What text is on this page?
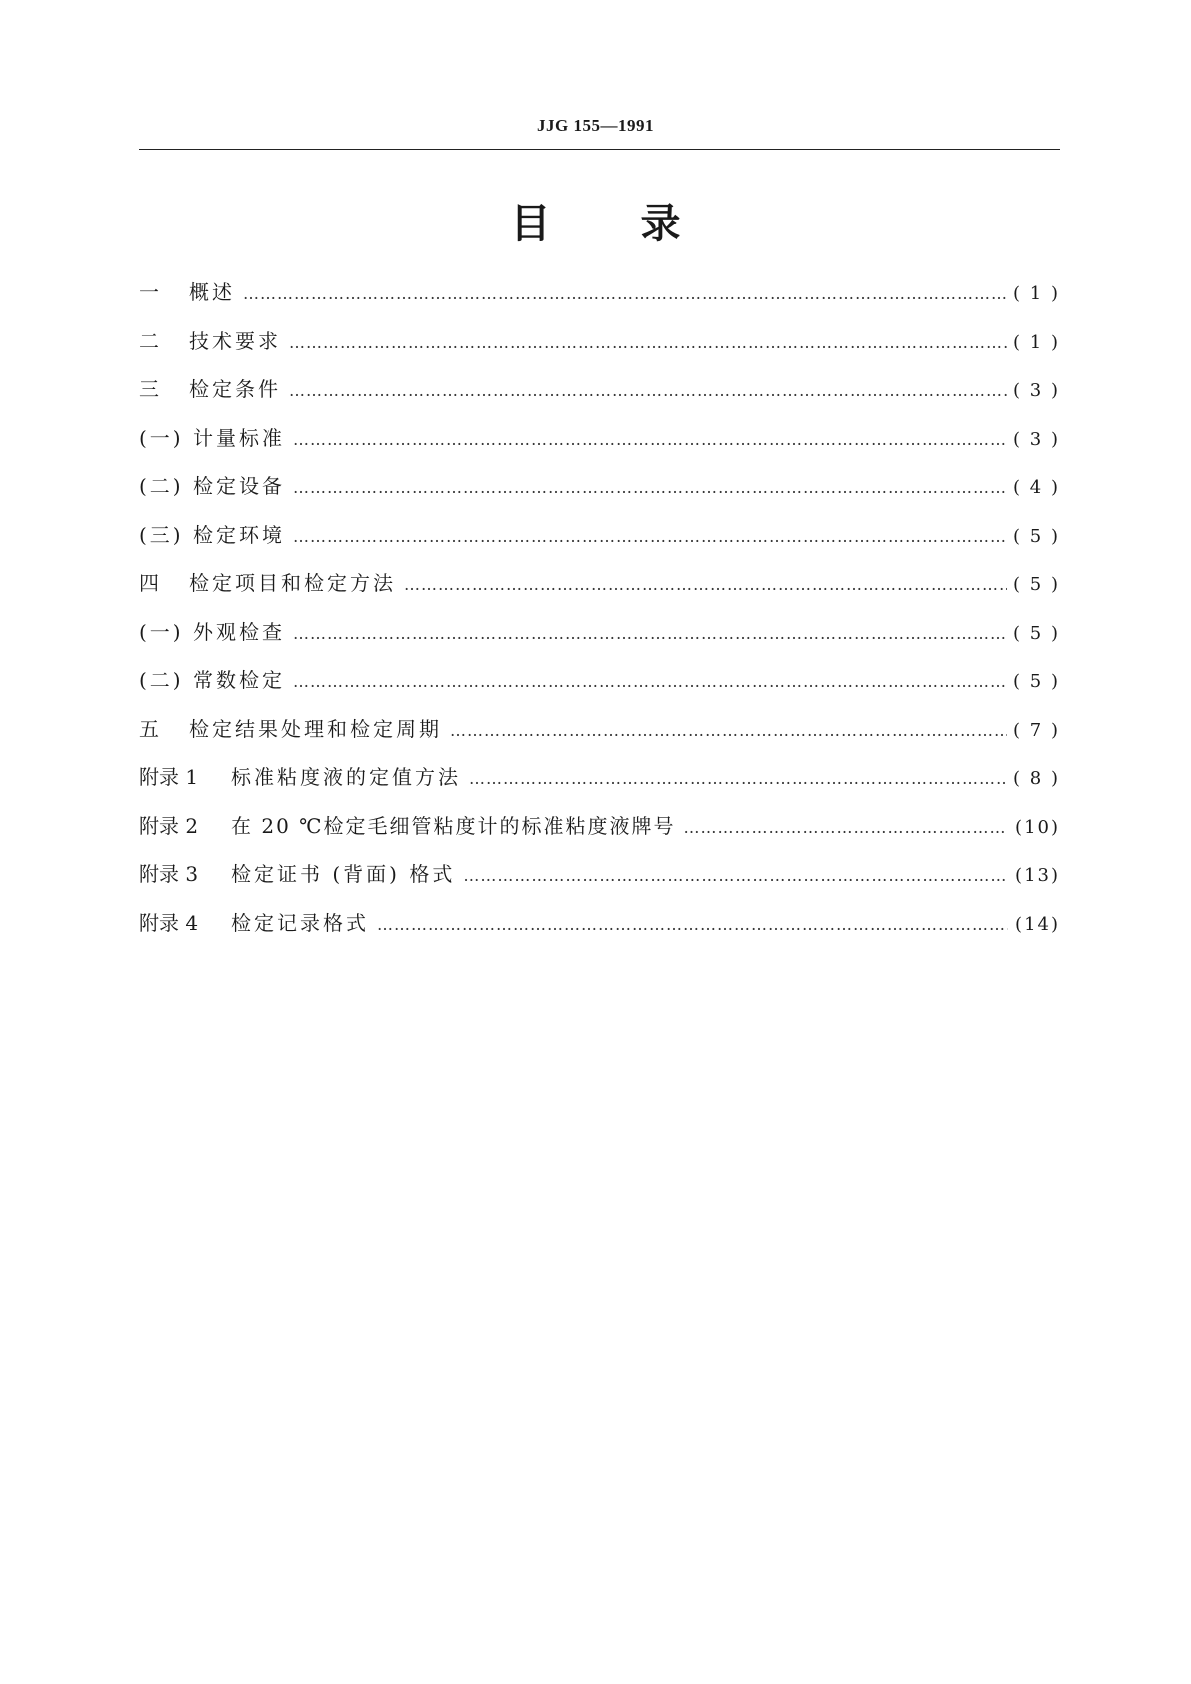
JJG 155—1991
目 录
一	概述 …………………………………………………………………………………………………………………………………………………………………………………	( 1 )
二	技术要求 …………………………………………………………………………………………………………………………………………………………………………………	( 1 )
三	检定条件 …………………………………………………………………………………………………………………………………………………………………………………	( 3 )
(一) 计量标准 …………………………………………………………………………………………………………………………………………………………………………………	( 3 )
(二) 检定设备 …………………………………………………………………………………………………………………………………………………………………………………	( 4 )
(三) 检定环境 …………………………………………………………………………………………………………………………………………………………………………………	( 5 )
四	检定项目和检定方法 …………………………………………………………………………………………………………………………………………………………………………………	( 5 )
(一) 外观检查 …………………………………………………………………………………………………………………………………………………………………………………	( 5 )
(二) 常数检定 …………………………………………………………………………………………………………………………………………………………………………………	( 5 )
五	检定结果处理和检定周期 …………………………………………………………………………………………………………………………………………………………………………………	( 7 )
附录 1	标准粘度液的定值方法 …………………………………………………………………………………………………………………………………………………………………………………	( 8 )
附录 2	在 20 ℃检定毛细管粘度计的标准粘度液牌号 …………………………………………………………………………………………………………………………………………………………………………………	(10)
附录 3	检定证书 (背面) 格式 …………………………………………………………………………………………………………………………………………………………………………………	(13)
附录 4	检定记录格式 …………………………………………………………………………………………………………………………………………………………………………………	(14)
